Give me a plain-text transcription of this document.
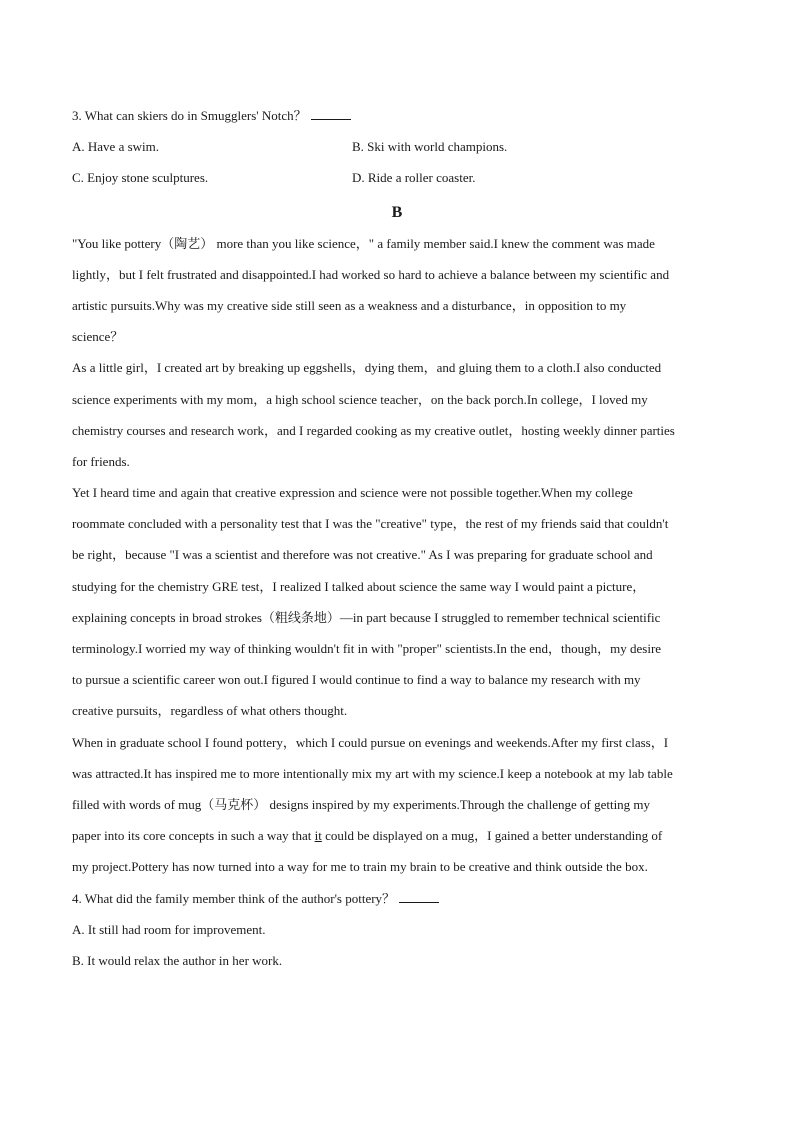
3. What can skiers do in Smugglers' Notch？
A. Have a swim.	B. Ski with world champions.
C. Enjoy stone sculptures.	D. Ride a roller coaster.
B
"You like pottery（陶艺） more than you like science，" a family member said.I knew the comment was made
lightly，but I felt frustrated and disappointed.I had worked so hard to achieve a balance between my scientific and
artistic pursuits.Why was my creative side still seen as a weakness and a disturbance，in opposition to my
science？
As a little girl，I created art by breaking up eggshells，dying them，and gluing them to a cloth.I also conducted
science experiments with my mom，a high school science teacher，on the back porch.In college，I loved my
chemistry courses and research work，and I regarded cooking as my creative outlet，hosting weekly dinner parties
for friends.
Yet I heard time and again that creative expression and science were not possible together.When my college
roommate concluded with a personality test that I was the "creative" type，the rest of my friends said that couldn't
be right，because "I was a scientist and therefore was not creative." As I was preparing for graduate school and
studying for the chemistry GRE test，I realized I talked about science the same way I would paint a picture，
explaining concepts in broad strokes（粗线条地）—in part because I struggled to remember technical scientific
terminology.I worried my way of thinking wouldn't fit in with "proper" scientists.In the end，though，my desire
to pursue a scientific career won out.I figured I would continue to find a way to balance my research with my
creative pursuits，regardless of what others thought.
When in graduate school I found pottery，which I could pursue on evenings and weekends.After my first class，I
was attracted.It has inspired me to more intentionally mix my art with my science.I keep a notebook at my lab table
filled with words of mug（马克杯） designs inspired by my experiments.Through the challenge of getting my
paper into its core concepts in such a way that it could be displayed on a mug，I gained a better understanding of
my project.Pottery has now turned into a way for me to train my brain to be creative and think outside the box.
4. What did the family member think of the author's pottery？
A. It still had room for improvement.
B. It would relax the author in her work.
